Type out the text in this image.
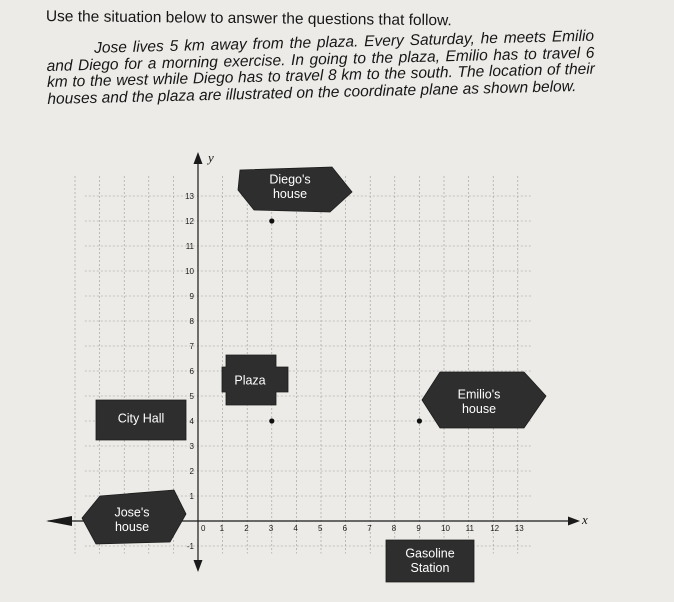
Use the situation below to answer the questions that follow.

Jose lives 5 km away from the plaza. Every Saturday, he meets Emilio and Diego for a morning exercise. In going to the plaza, Emilio has to travel 6 km to the west while Diego has to travel 8 km to the south. The location of their houses and the plaza are illustrated on the coordinate plane as shown below.

x
y
0 1	2	3	4	5	6	7	8	9	10 11 12 13
-1
1
2
3
4
5
6
7
8
9
10
11
12
13
Diego's
house
Plaza
Emilio's
house
City Hall
Jose's
house
Gasoline
Station
